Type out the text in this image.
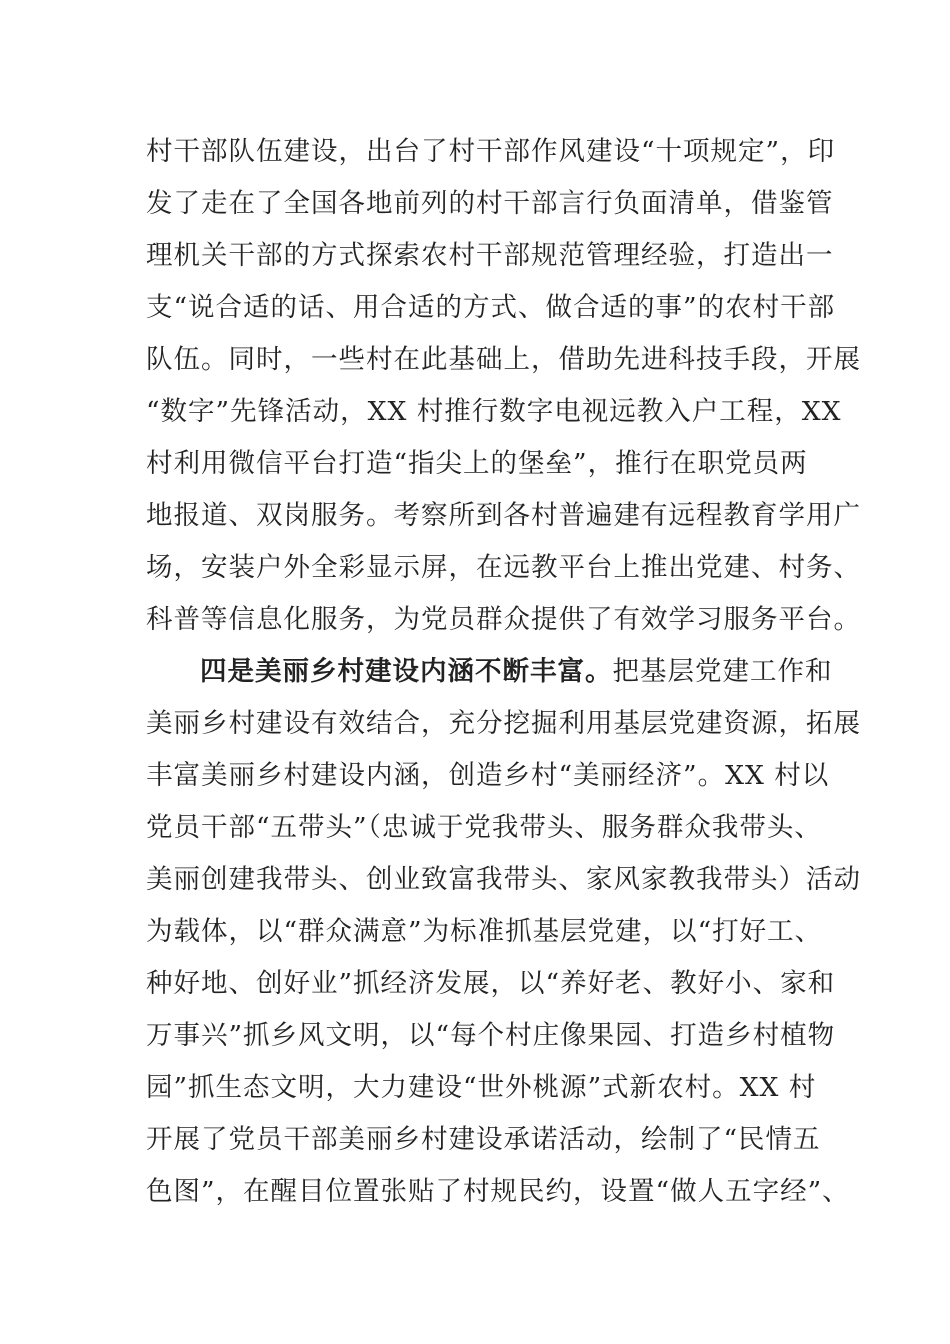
村干部队伍建设，出台了村干部作风建设“十项规定”，印
发了走在了全国各地前列的村干部言行负面清单，借鉴管
理机关干部的方式探索农村干部规范管理经验，打造出一
支“说合适的话、用合适的方式、做合适的事”的农村干部
队伍。同时，一些村在此基础上，借助先进科技手段，开展
“数字”先锋活动，XX 村推行数字电视远教入户工程，XX
村利用微信平台打造“指尖上的堡垒”，推行在职党员两
地报道、双岗服务。考察所到各村普遍建有远程教育学用广
场，安装户外全彩显示屏，在远教平台上推出党建、村务、
科普等信息化服务，为党员群众提供了有效学习服务平台。
四是美丽乡村建设内涵不断丰富。把基层党建工作和
美丽乡村建设有效结合，充分挖掘利用基层党建资源，拓展
丰富美丽乡村建设内涵，创造乡村“美丽经济”。XX 村以
党员干部“五带头”（忠诚于党我带头、服务群众我带头、
美丽创建我带头、创业致富我带头、家风家教我带头）活动
为载体，以“群众满意”为标准抓基层党建，以“打好工、
种好地、创好业”抓经济发展，以“养好老、教好小、家和
万事兴”抓乡风文明，以“每个村庄像果园、打造乡村植物
园”抓生态文明，大力建设“世外桃源”式新农村。XX 村
开展了党员干部美丽乡村建设承诺活动，绘制了“民情五
色图”，在醒目位置张贴了村规民约，设置“做人五字经”、
